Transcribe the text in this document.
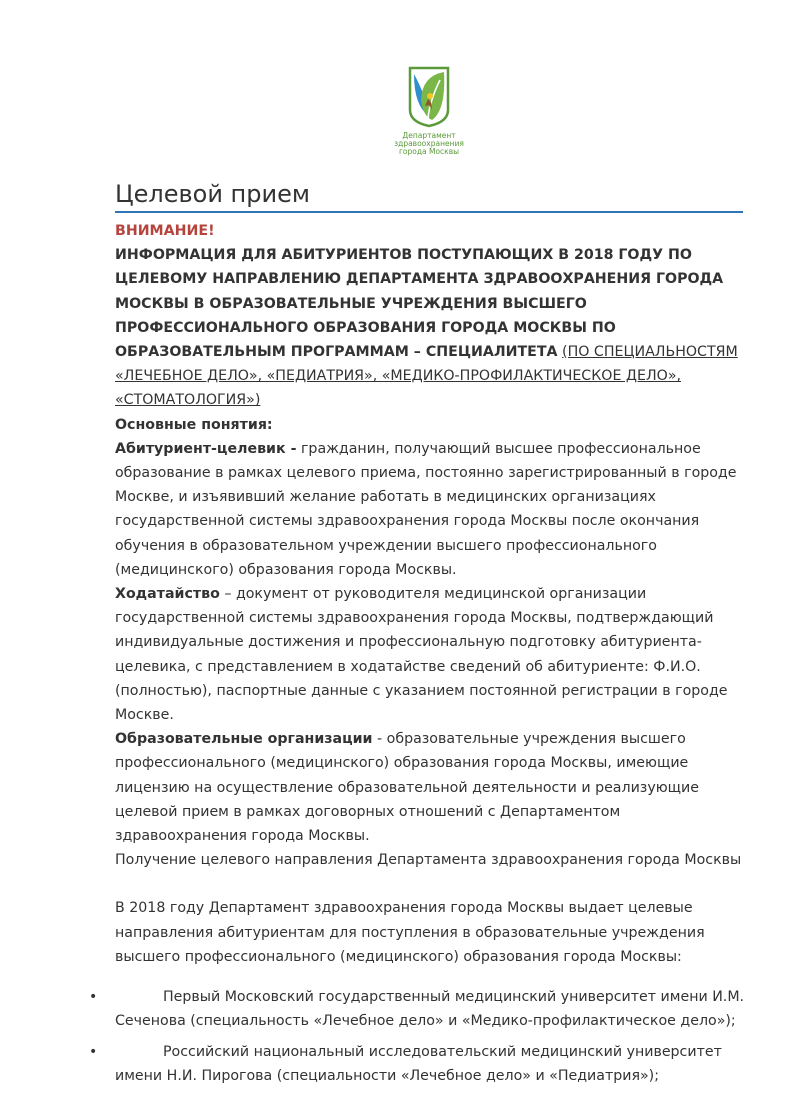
Департамент
здравоохранения
города Москвы
Целевой прием

ВНИМАНИЕ!

ИНФОРМАЦИЯ ДЛЯ АБИТУРИЕНТОВ ПОСТУПАЮЩИХ В 2018 ГОДУ ПО ЦЕЛЕВОМУ НАПРАВЛЕНИЮ ДЕПАРТАМЕНТА ЗДРАВООХРАНЕНИЯ ГОРОДА МОСКВЫ В ОБРАЗОВАТЕЛЬНЫЕ УЧРЕЖДЕНИЯ ВЫСШЕГО ПРОФЕССИОНАЛЬНОГО ОБРАЗОВАНИЯ ГОРОДА МОСКВЫ ПО ОБРАЗОВАТЕЛЬНЫМ ПРОГРАММАМ – СПЕЦИАЛИТЕТА (ПО СПЕЦИАЛЬНОСТЯМ «ЛЕЧЕБНОЕ ДЕЛО», «ПЕДИАТРИЯ», «МЕДИКО-ПРОФИЛАКТИЧЕСКОЕ ДЕЛО», «СТОМАТОЛОГИЯ»)

Основные понятия:

Абитуриент-целевик - гражданин, получающий высшее профессиональное образование в рамках целевого приема, постоянно зарегистрированный в городе Москве, и изъявивший желание работать в медицинских организациях государственной системы здравоохранения города Москвы после окончания обучения в образовательном учреждении высшего профессионального (медицинского) образования города Москвы.

Ходатайство – документ от руководителя медицинской организации государственной системы здравоохранения города Москвы, подтверждающий индивидуальные достижения и профессиональную подготовку абитуриента-целевика, с представлением в ходатайстве сведений об абитуриенте: Ф.И.О. (полностью), паспортные данные с указанием постоянной регистрации в городе Москве.

Образовательные организации - образовательные учреждения высшего профессионального (медицинского) образования города Москвы, имеющие лицензию на осуществление образовательной деятельности и реализующие целевой прием в рамках договорных отношений с Департаментом здравоохранения города Москвы.

Получение целевого направления Департамента здравоохранения города Москвы

В 2018 году Департамент здравоохранения города Москвы выдает целевые направления абитуриентам для поступления в образовательные учреждения высшего профессионального (медицинского) образования города Москвы:

•	Первый Московский государственный медицинский университет имени И.М. Сеченова (специальность «Лечебное дело» и «Медико-профилактическое дело»);
•	Российский национальный исследовательский медицинский университет имени Н.И. Пирогова (специальности «Лечебное дело» и «Педиатрия»);
